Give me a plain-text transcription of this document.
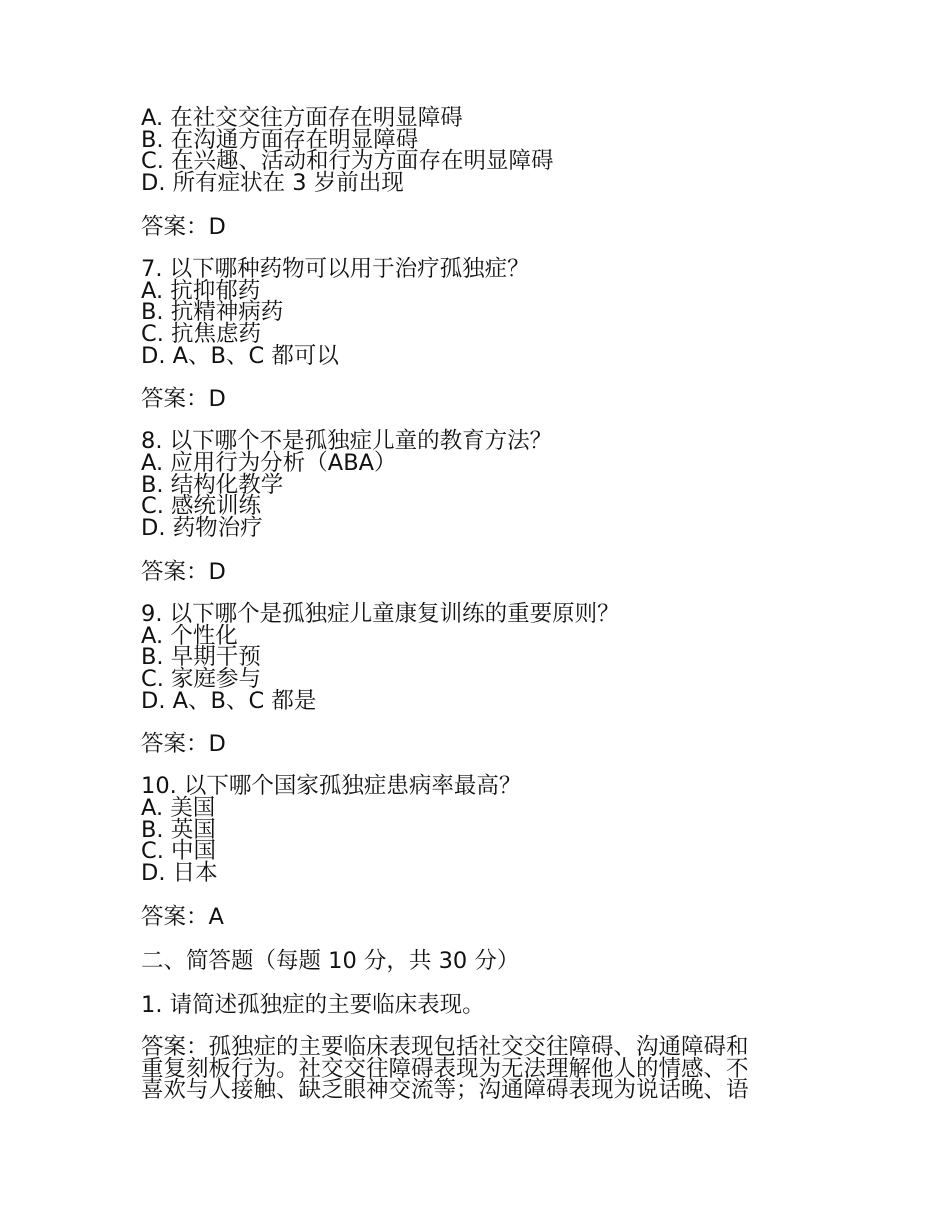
A. 在社交交往方面存在明显障碍
B. 在沟通方面存在明显障碍
C. 在兴趣、活动和行为方面存在明显障碍
D. 所有症状在 3 岁前出现
答案：D
7. 以下哪种药物可以用于治疗孤独症？
A. 抗抑郁药
B. 抗精神病药
C. 抗焦虑药
D. A、B、C 都可以
答案：D
8. 以下哪个不是孤独症儿童的教育方法？
A. 应用行为分析（ABA）
B. 结构化教学
C. 感统训练
D. 药物治疗
答案：D
9. 以下哪个是孤独症儿童康复训练的重要原则？
A. 个性化
B. 早期干预
C. 家庭参与
D. A、B、C 都是
答案：D
10. 以下哪个国家孤独症患病率最高？
A. 美国
B. 英国
C. 中国
D. 日本
答案：A
二、简答题（每题 10 分，共 30 分）
1. 请简述孤独症的主要临床表现。
答案：孤独症的主要临床表现包括社交交往障碍、沟通障碍和
重复刻板行为。社交交往障碍表现为无法理解他人的情感、不
喜欢与人接触、缺乏眼神交流等；沟通障碍表现为说话晚、语
